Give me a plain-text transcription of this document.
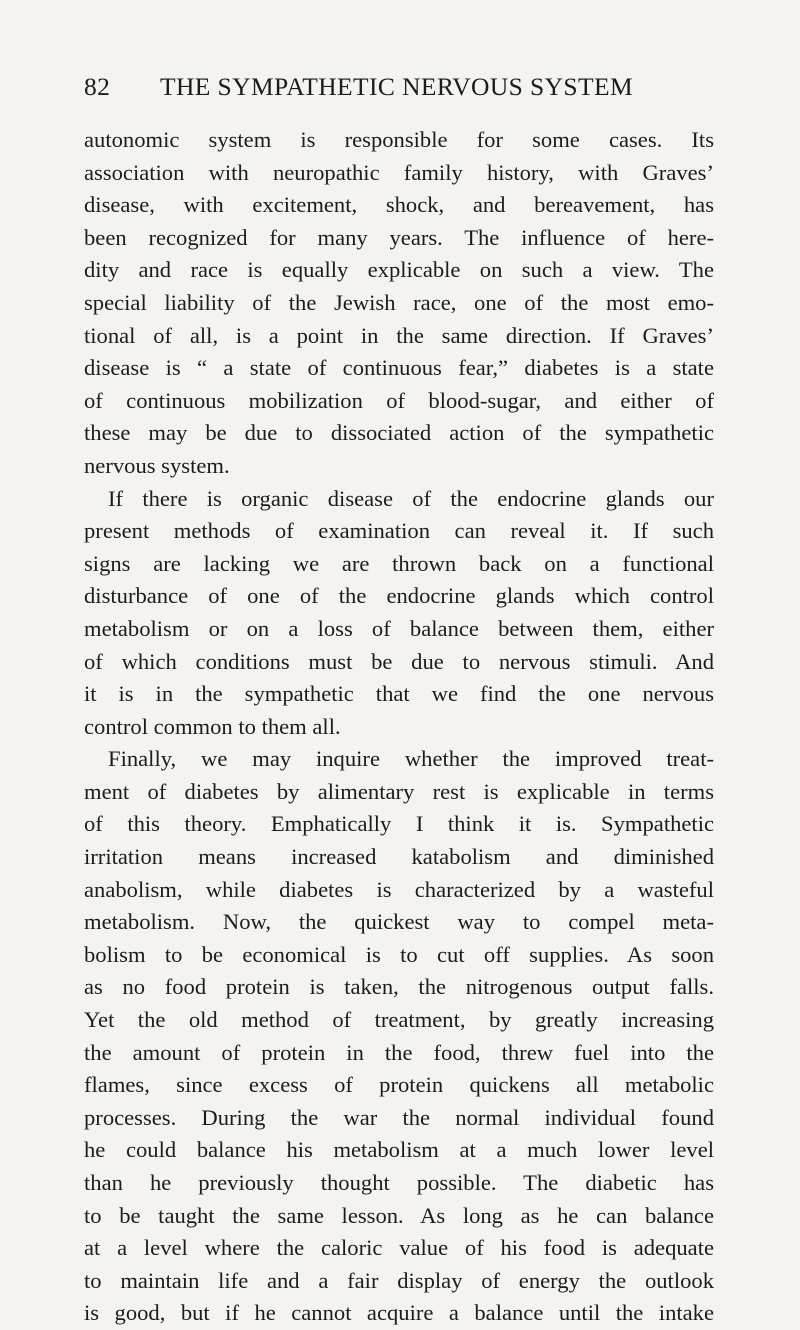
82 THE SYMPATHETIC NERVOUS SYSTEM
autonomic system is responsible for some cases. Its
association with neuropathic family history, with Graves’
disease, with excitement, shock, and bereavement, has
been recognized for many years. The influence of here-
dity and race is equally explicable on such a view. The
special liability of the Jewish race, one of the most emo-
tional of all, is a point in the same direction. If Graves’
disease is “ a state of continuous fear,” diabetes is a state
of continuous mobilization of blood-sugar, and either of
these may be due to dissociated action of the sympathetic
nervous system.
If there is organic disease of the endocrine glands our
present methods of examination can reveal it. If such
signs are lacking we are thrown back on a functional
disturbance of one of the endocrine glands which control
metabolism or on a loss of balance between them, either
of which conditions must be due to nervous stimuli. And
it is in the sympathetic that we find the one nervous
control common to them all.
Finally, we may inquire whether the improved treat-
ment of diabetes by alimentary rest is explicable in terms
of this theory. Emphatically I think it is. Sympathetic
irritation means increased katabolism and diminished
anabolism, while diabetes is characterized by a wasteful
metabolism. Now, the quickest way to compel meta-
bolism to be economical is to cut off supplies. As soon
as no food protein is taken, the nitrogenous output falls.
Yet the old method of treatment, by greatly increasing
the amount of protein in the food, threw fuel into the
flames, since excess of protein quickens all metabolic
processes. During the war the normal individual found
he could balance his metabolism at a much lower level
than he previously thought possible. The diabetic has
to be taught the same lesson. As long as he can balance
at a level where the caloric value of his food is adequate
to maintain life and a fair display of energy the outlook
is good, but if he cannot acquire a balance until the intake
